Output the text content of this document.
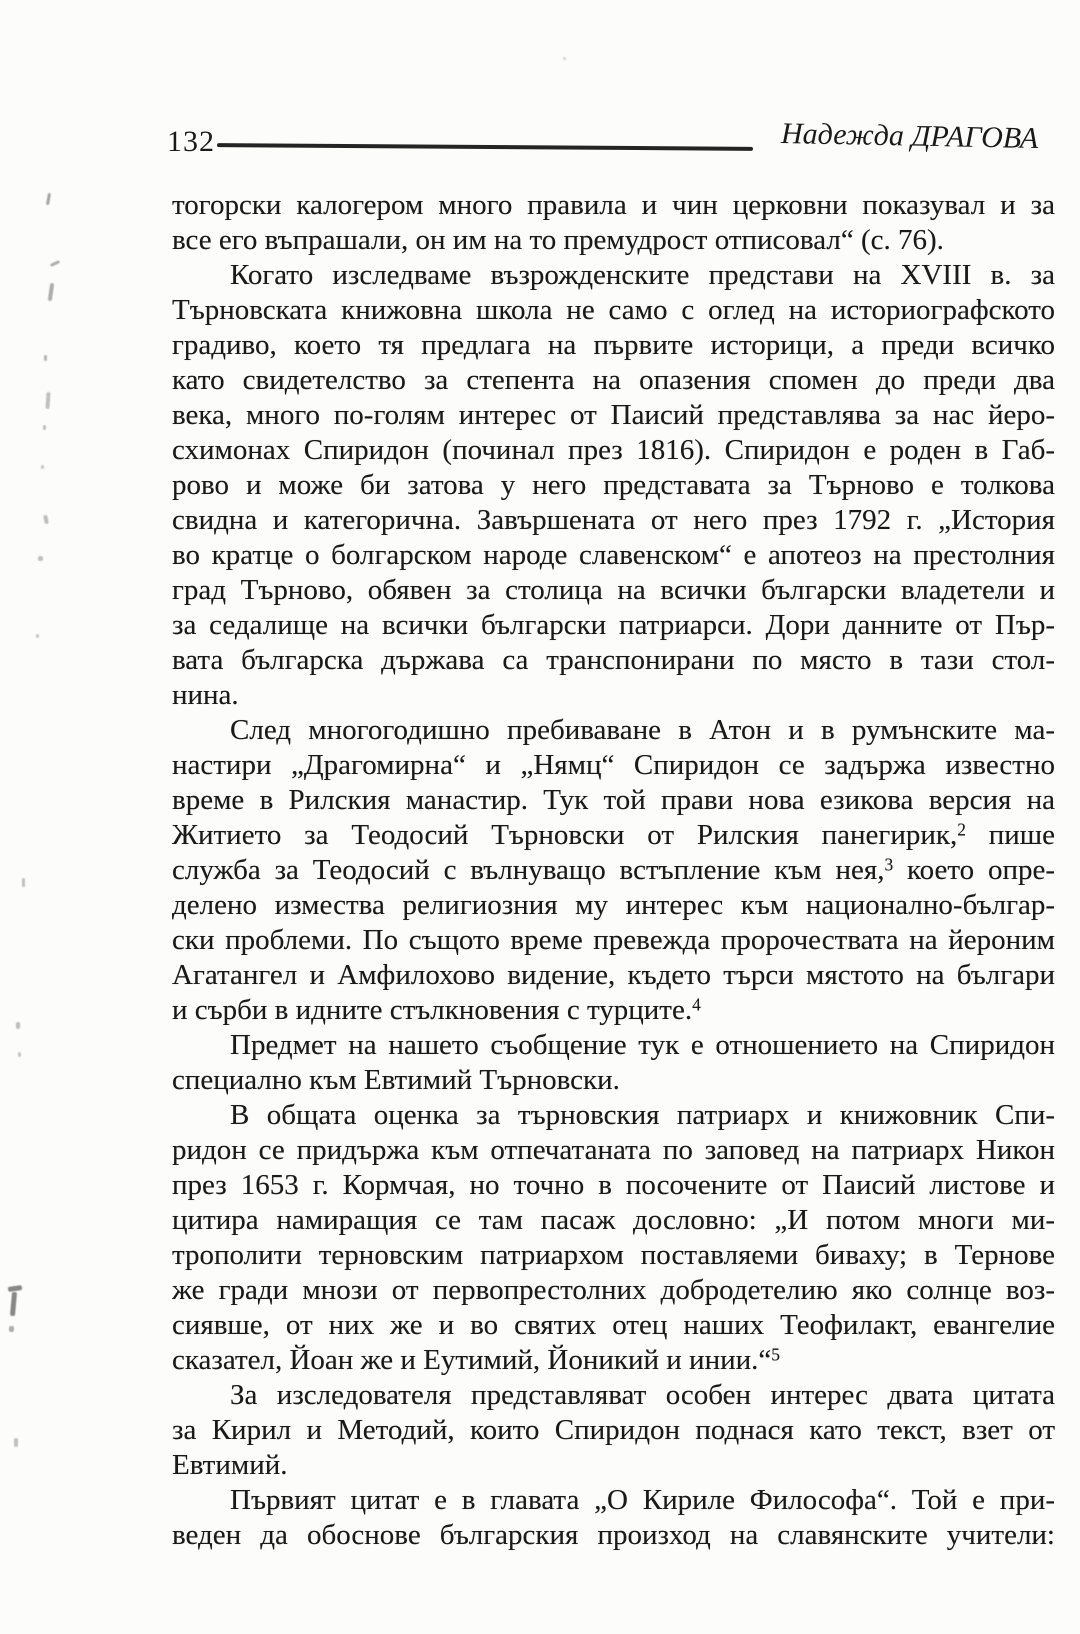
132	Надежда ДРАГОВА
тогорски калогером много правила и чин церковни показувал и за
все его въпрашали, он им на то премудрост отписовал“ (с. 76).
Когато изследваме възрожденските представи на XVIII в. за
Търновската книжовна школа не само с оглед на историографското
градиво, което тя предлага на първите историци, а преди всичко
като свидетелство за степента на опазения спомен до преди два
века, много по-голям интерес от Паисий представлява за нас йеро-
схимонах Спиридон (починал през 1816). Спиридон е роден в Габ-
рово и може би затова у него представата за Търново е толкова
свидна и категорична. Завършената от него през 1792 г. „История
во кратце о болгарском народе славенском“ е апотеоз на престолния
град Търново, обявен за столица на всички български владетели и
за седалище на всички български патриарси. Дори данните от Пър-
вата българска държава са транспонирани по място в тази стол-
нина.
След многогодишно пребиваване в Атон и в румънските ма-
настири „Драгомирна“ и „Нямц“ Спиридон се задържа известно
време в Рилския манастир. Тук той прави нова езикова версия на
Житието за Теодосий Търновски от Рилския панегирик,$^2$ пише
служба за Теодосий с вълнуващо встъпление към нея,$^3$ което опре-
делено измества религиозния му интерес към национално-българ-
ски проблеми. По същото време превежда пророчествата на йероним
Агатангел и Амфилохово видение, където търси мястото на българи
и сърби в идните стълкновения с турците.$^4$
Предмет на нашето съобщение тук е отношението на Спиридон
специално към Евтимий Търновски.
В общата оценка за търновския патриарх и книжовник Спи-
ридон се придържа към отпечатаната по заповед на патриарх Никон
през 1653 г. Кормчая, но точно в посочените от Паисий листове и
цитира намиращия се там пасаж дословно: „И потом многи ми-
трополити терновским патриархом поставляеми биваху; в Тернове
же гради мнози от первопрестолних добродетелию яко солнце воз-
сиявше, от них же и во святих отец наших Теофилакт, евангелие
сказател, Йоан же и Еутимий, Йоникий и инии.“$^5$
За изследователя представляват особен интерес двата цитата
за Кирил и Методий, които Спиридон поднася като текст, взет от
Евтимий.
Първият цитат е в главата „О Кириле Философа“. Той е при-
веден да обоснове българския произход на славянските учители:
